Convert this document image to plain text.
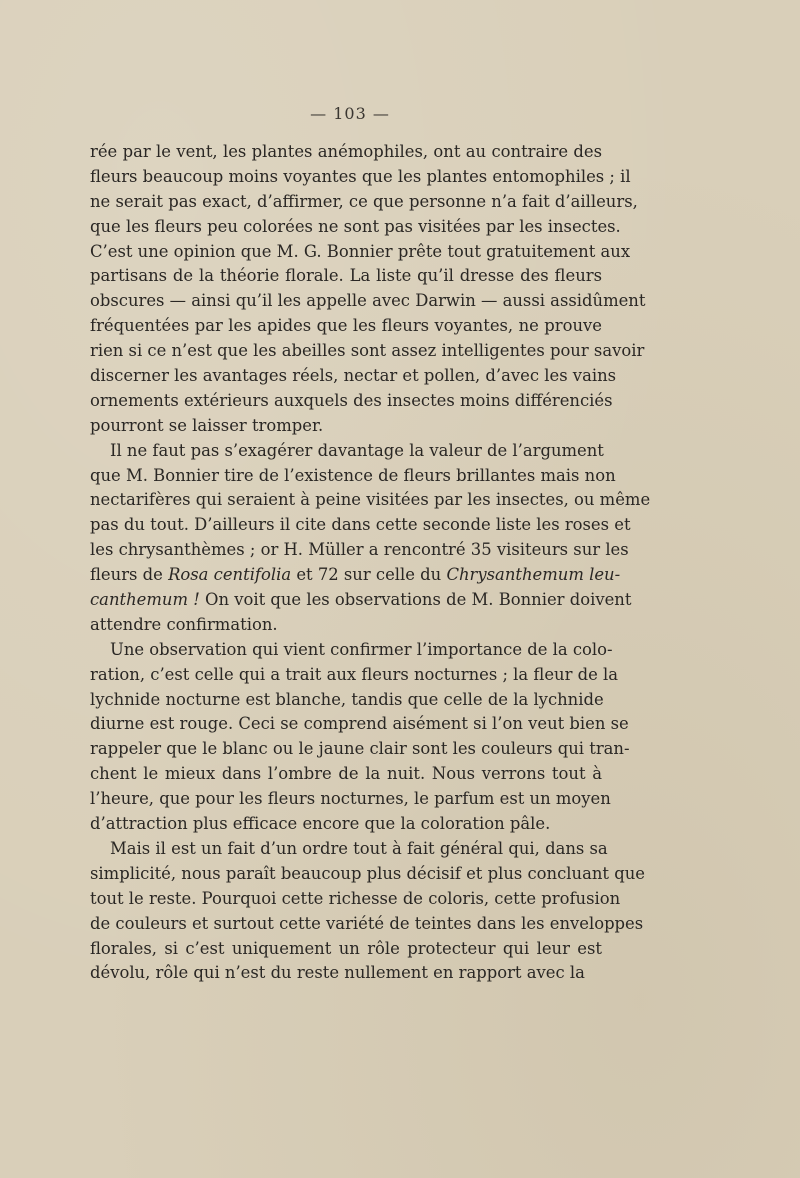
— 103 —
rée par le vent, les plantes anémophiles, ont au contraire des
fleurs beaucoup moins voyantes que les plantes entomophiles ; il
ne serait pas exact, d’affirmer, ce que personne n’a fait d’ailleurs,
que les fleurs peu colorées ne sont pas visitées par les insectes.
C’est une opinion que M. G. Bonnier prête tout gratuitement aux
partisans de la théorie florale. La liste qu’il dresse des fleurs
obscures — ainsi qu’il les appelle avec Darwin — aussi assidûment
fréquentées par les apides que les fleurs voyantes, ne prouve
rien si ce n’est que les abeilles sont assez intelligentes pour savoir
discerner les avantages réels, nectar et pollen, d’avec les vains
ornements extérieurs auxquels des insectes moins différenciés
pourront se laisser tromper.
Il ne faut pas s’exagérer davantage la valeur de l’argument
que M. Bonnier tire de l’existence de fleurs brillantes mais non
nectarifères qui seraient à peine visitées par les insectes, ou même
pas du tout. D’ailleurs il cite dans cette seconde liste les roses et
les chrysanthèmes ; or H. Müller a rencontré 35 visiteurs sur les
fleurs de Rosa centifolia et 72 sur celle du Chrysanthemum leu-
canthemum ! On voit que les observations de M. Bonnier doivent
attendre confirmation.
Une observation qui vient confirmer l’importance de la colo-
ration, c’est celle qui a trait aux fleurs nocturnes ; la fleur de la
lychnide nocturne est blanche, tandis que celle de la lychnide
diurne est rouge. Ceci se comprend aisément si l’on veut bien se
rappeler que le blanc ou le jaune clair sont les couleurs qui tran-
chent le mieux dans l’ombre de la nuit. Nous verrons tout à
l’heure, que pour les fleurs nocturnes, le parfum est un moyen
d’attraction plus efficace encore que la coloration pâle.
Mais il est un fait d’un ordre tout à fait général qui, dans sa
simplicité, nous paraît beaucoup plus décisif et plus concluant que
tout le reste. Pourquoi cette richesse de coloris, cette profusion
de couleurs et surtout cette variété de teintes dans les enveloppes
florales, si c’est uniquement un rôle protecteur qui leur est
dévolu, rôle qui n’est du reste nullement en rapport avec la
